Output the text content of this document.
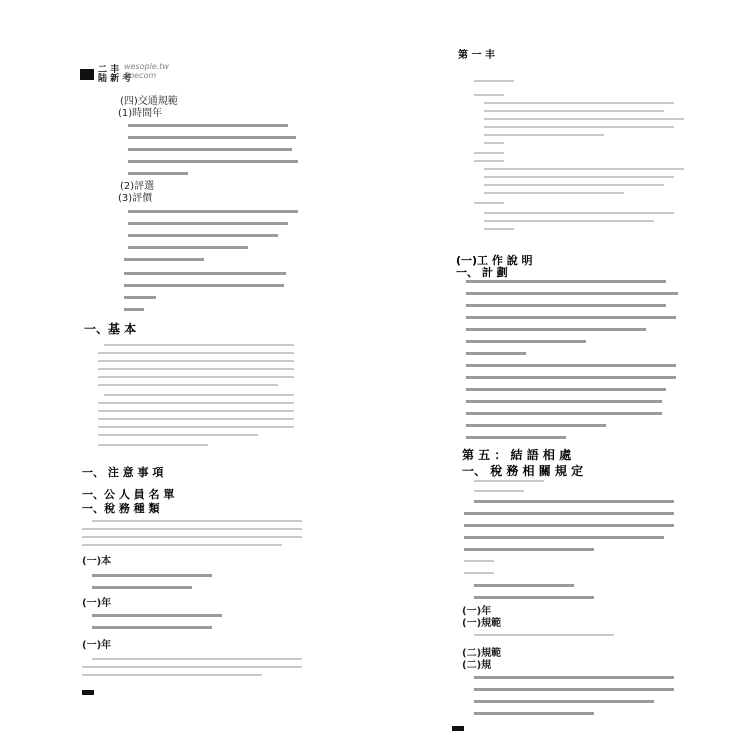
二 丰
陆 新 考
wesople.tw
3pecom
(四)交通規範
(1)時間年
(2)評選
(3)評價
一、基 本
一、 注 意 事 項
一、公 人 員 名 單
一、稅 務 種 類
(一)本
(一)年
(一)年
第 一 丰
(一)工 作 說 明
一、 計 劃
第 五 ： 結 語 相 處
一、 稅 務 相 關 規 定
(一)年
(一)規範
(二)規範
(二)規
